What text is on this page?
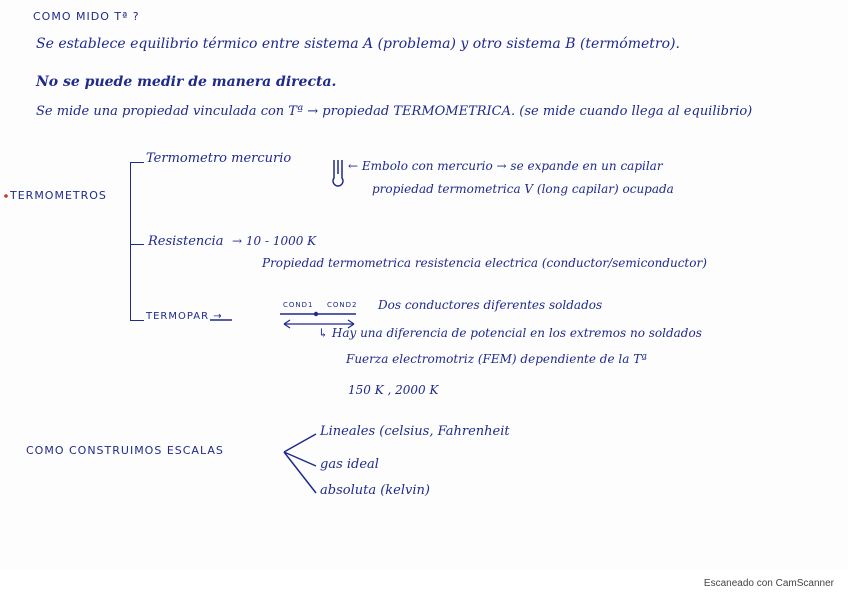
COMO MIDO Tª ?
Se establece equilibrio térmico entre sistema A (problema) y otro sistema B (termómetro).
No se puede medir de manera directa.
Se mide una propiedad vinculada con Tª → propiedad TERMOMETRICA. (se mide cuando llega al equilibrio)
TERMOMETROS
Termometro mercurio	← Embolo con mercurio → se expande en un capilar
propiedad termometrica V (long capilar) ocupada
Resistencia → 10 - 1000 K
Propiedad termometrica resistencia electrica (conductor/semiconductor)
TERMOPAR →
COND1 COND2 Dos conductores diferentes soldados
↳ Hay una diferencia de potencial en los extremos no soldados
Fuerza electromotriz (FEM) dependiente de la Tª
150 K , 2000 K
COMO CONSTRUIMOS ESCALAS
Lineales (celsius, Fahrenheit
gas ideal
absoluta (kelvin)
Escaneado con CamScanner
